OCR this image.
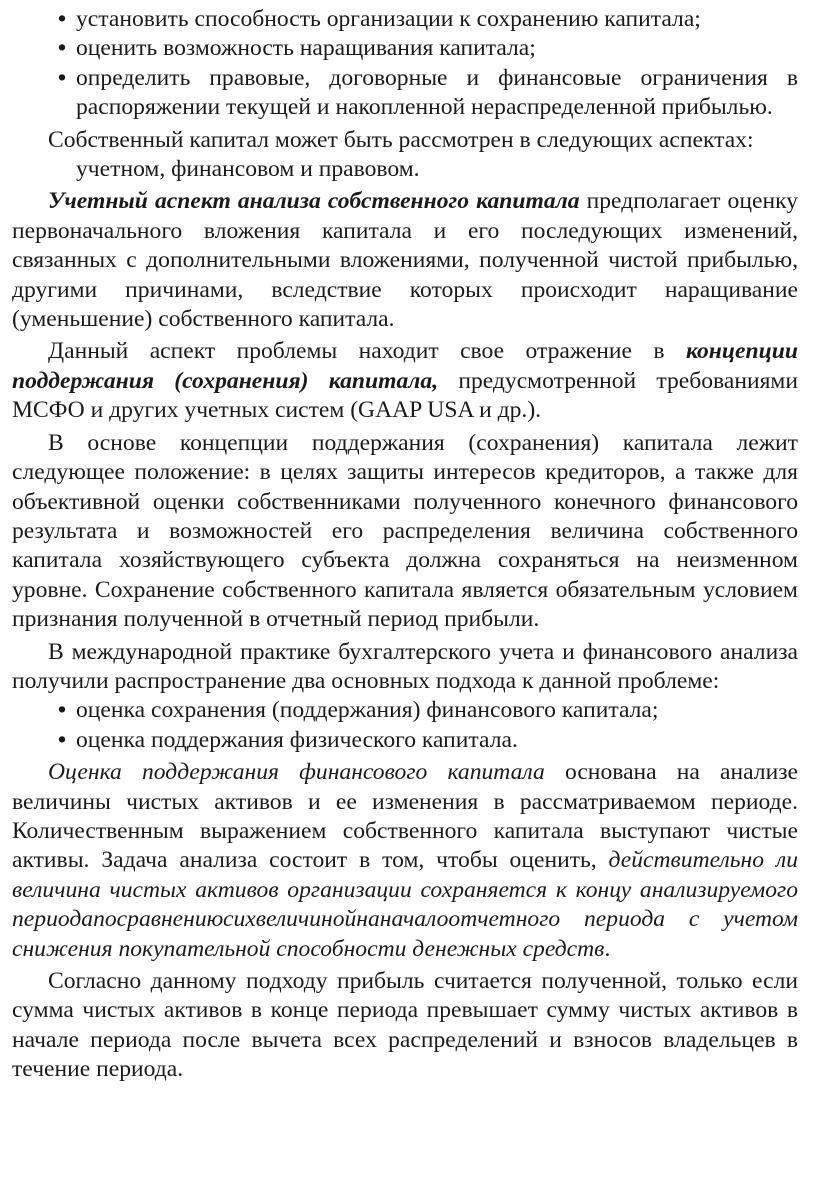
• установить способность организации к сохранению капитала;
• оценить возможность наращивания капитала;
• определить правовые, договорные и финансовые ограничения в распоряжении текущей и накопленной нераспределенной прибылью.

Собственный капитал может быть рассмотрен в следующих аспектах: учетном, финансовом и правовом.

Учетный аспект анализа собственного капитала предполагает оценку первоначального вложения капитала и его последующих изменений, связанных с дополнительными вложениями, полученной чистой прибылью, другими причинами, вследствие которых происходит наращивание (уменьшение) собственного капитала.

Данный аспект проблемы находит свое отражение в концепции поддержания (сохранения) капитала, предусмотренной требованиями МСФО и других учетных систем (GAAP USA и др.).

В основе концепции поддержания (сохранения) капитала лежит следующее положение: в целях защиты интересов кредиторов, а также для объективной оценки собственниками полученного конечного финансового результата и возможностей его распределения величина собственного капитала хозяйствующего субъекта должна сохраняться на неизменном уровне. Сохранение собственного капитала является обязательным условием признания полученной в отчетный период прибыли.

В международной практике бухгалтерского учета и финансового анализа получили распространение два основных подхода к данной проблеме:

• оценка сохранения (поддержания) финансового капитала;
• оценка поддержания физического капитала.

Оценка поддержания финансового капитала основана на анализе величины чистых активов и ее изменения в рассматриваемом периоде. Количественным выражением собственного капитала выступают чистые активы. Задача анализа состоит в том, чтобы оценить, действительно ли величина чистых активов организации сохраняется к концу анализируемого периодапосравнениюсихвеличинойнаначалоотчетного периода с учетом снижения покупательной способности денежных средств.

Согласно данному подходу прибыль считается полученной, только если сумма чистых активов в конце периода превышает сумму чистых активов в начале периода после вычета всех распределений и взносов владельцев в течение периода.
